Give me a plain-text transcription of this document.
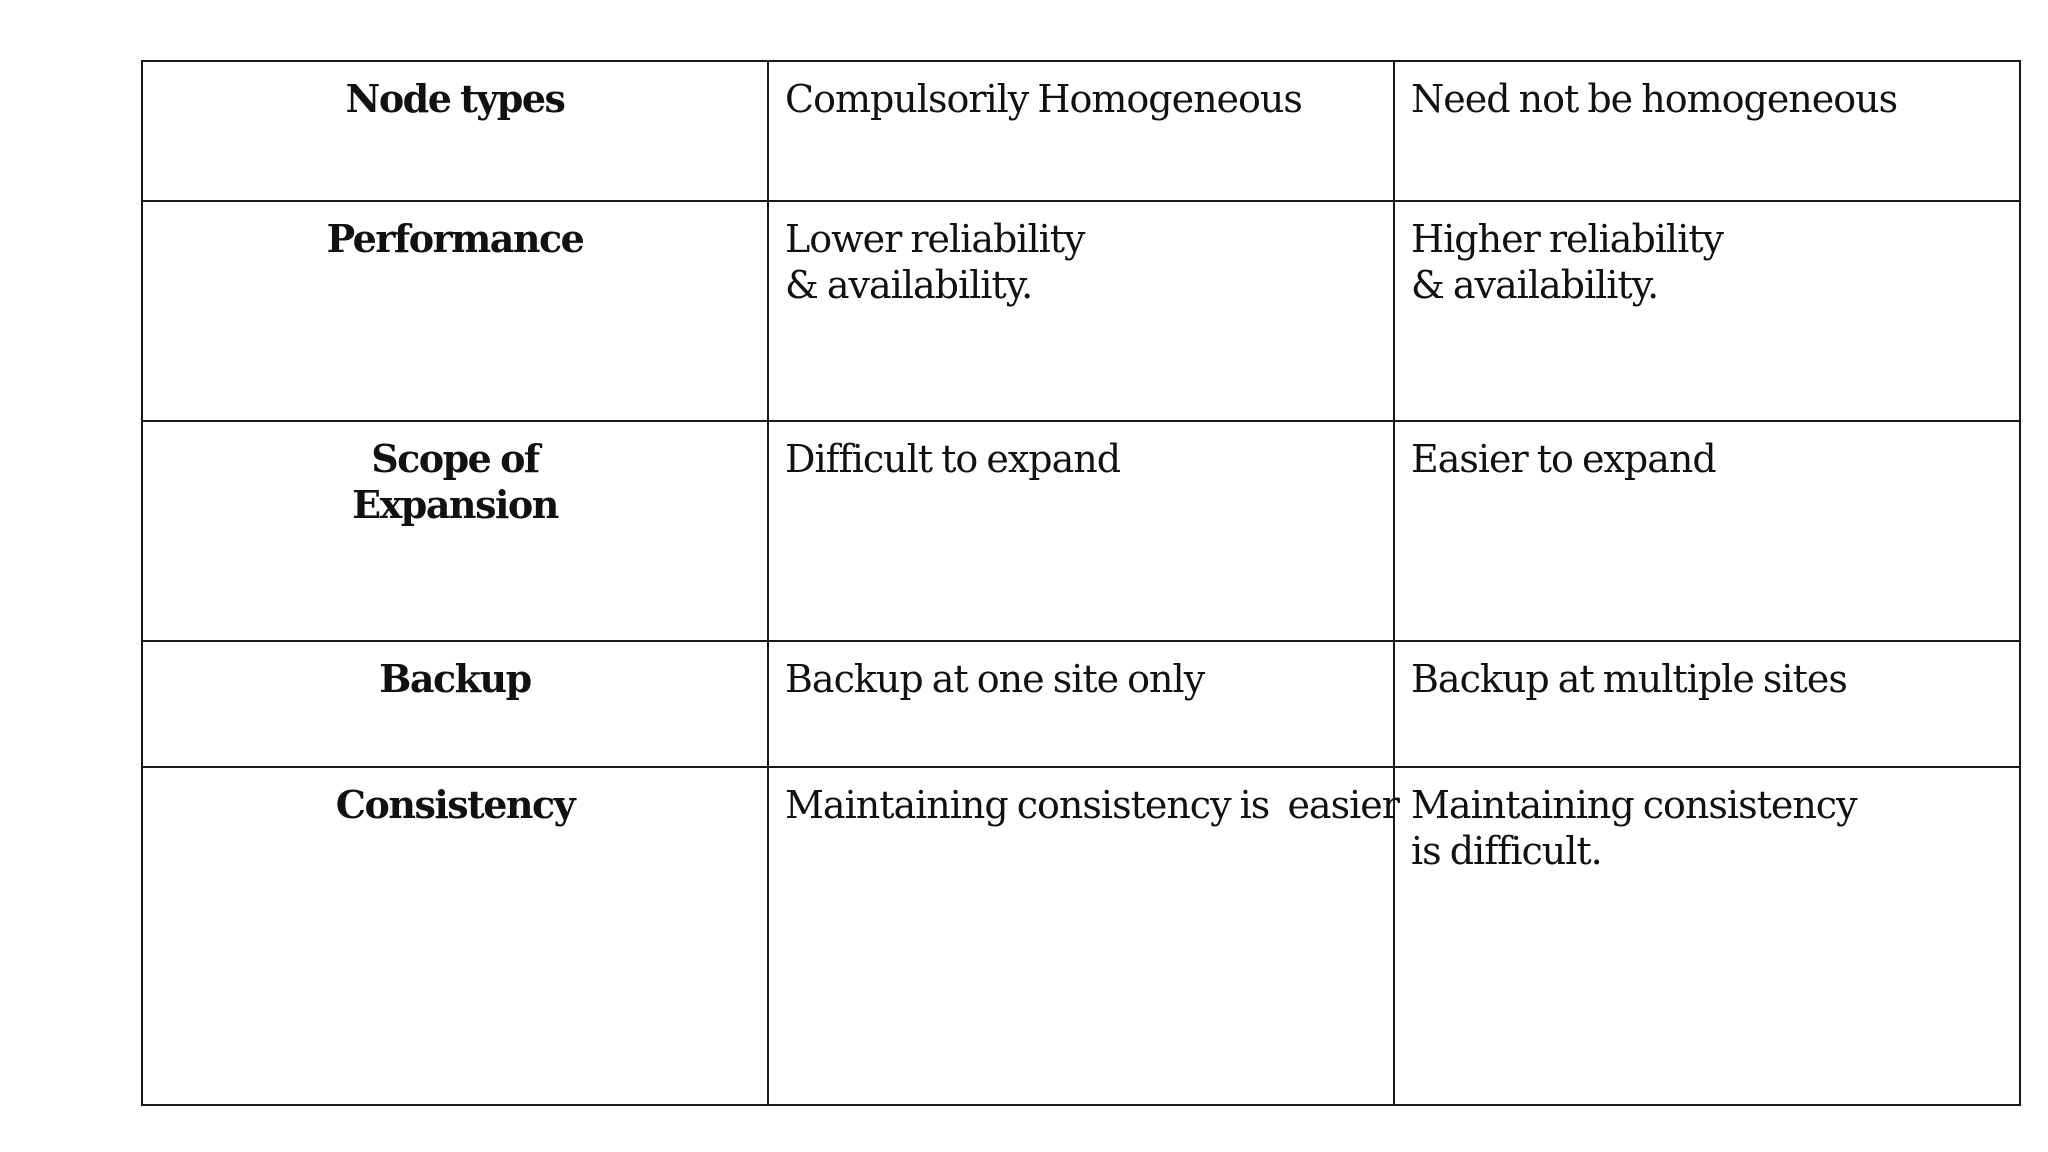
Node types	Compulsorily Homogeneous	Need not be homogeneous
Performance	Lower reliability & availability.	Higher reliability & availability.
Scope of Expansion	Difficult to expand	Easier to expand
Backup	Backup at one site only	Backup at multiple sites
Consistency	Maintaining consistency is  easier	Maintaining consistency is difficult.
